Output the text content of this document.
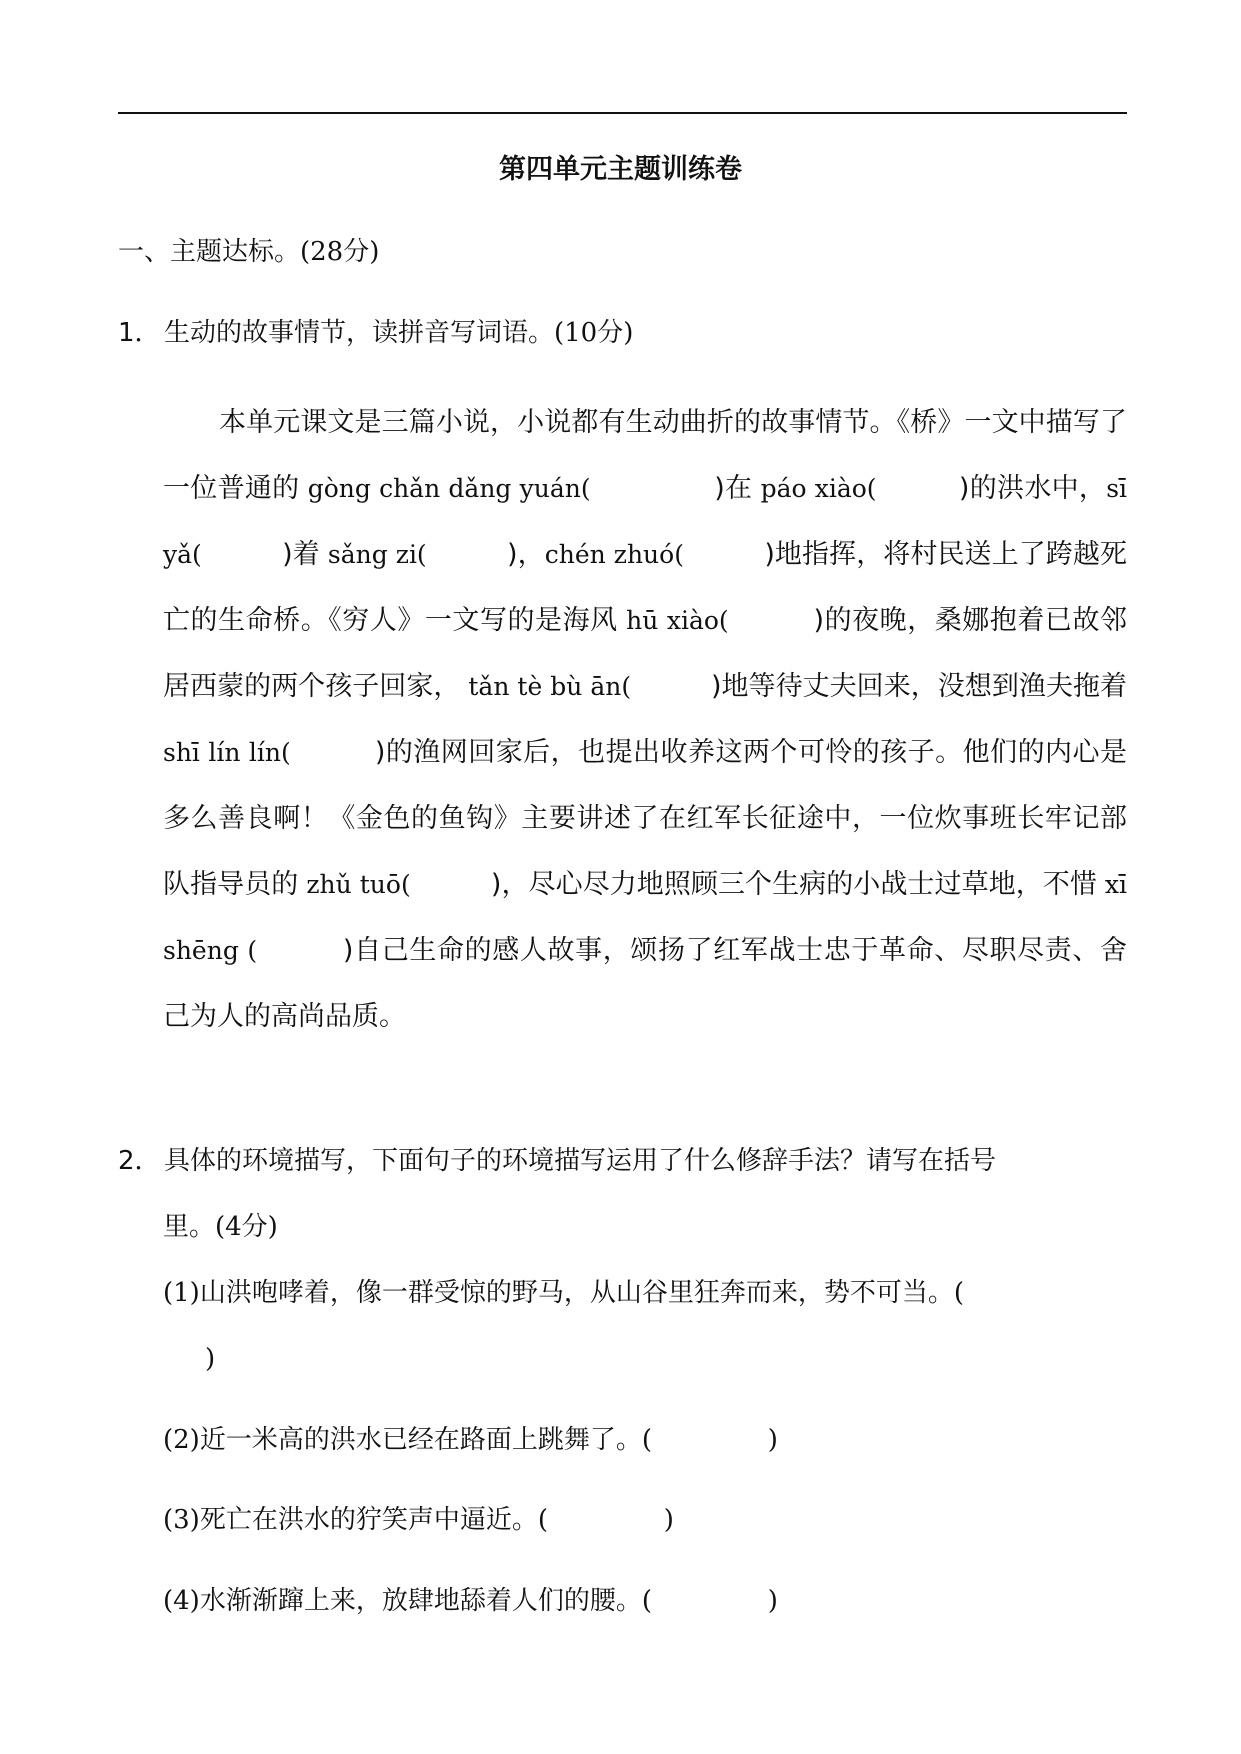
第四单元主题训练卷
一、主题达标。(28分)
1． 生动的故事情节，读拼音写词语。(10分)

本单元课文是三篇小说，小说都有生动曲折的故事情节。《桥》一文中描写了一位普通的 gòng chǎn dǎng yuán(	)在 páo xiào(	)的洪水中，sī yǎ(	)着 sǎng zi(	)，chén zhuó(	)地指挥，将村民送上了跨越死亡的生命桥。《穷人》一文写的是海风 hū xiào(	)的夜晚，桑娜抱着已故邻居西蒙的两个孩子回家， tǎn tè bù ān(	)地等待丈夫回来，没想到渔夫拖着 shī lín lín(	)的渔网回家后，也提出收养这两个可怜的孩子。他们的内心是多么善良啊！《金色的鱼钩》主要讲述了在红军长征途中，一位炊事班长牢记部队指导员的 zhǔ tuō(	)，尽心尽力地照顾三个生病的小战士过草地，不惜 xī shēng (	)自己生命的感人故事，颂扬了红军战士忠于革命、尽职尽责、舍己为人的高尚品质。

2． 具体的环境描写，下面句子的环境描写运用了什么修辞手法？请写在括号
里。(4分)
(1)山洪咆哮着，像一群受惊的野马，从山谷里狂奔而来，势不可当。(
)
(2)近一米高的洪水已经在路面上跳舞了。(	)
(3)死亡在洪水的狞笑声中逼近。(	)
(4)水渐渐蹿上来，放肆地舔着人们的腰。(	)
